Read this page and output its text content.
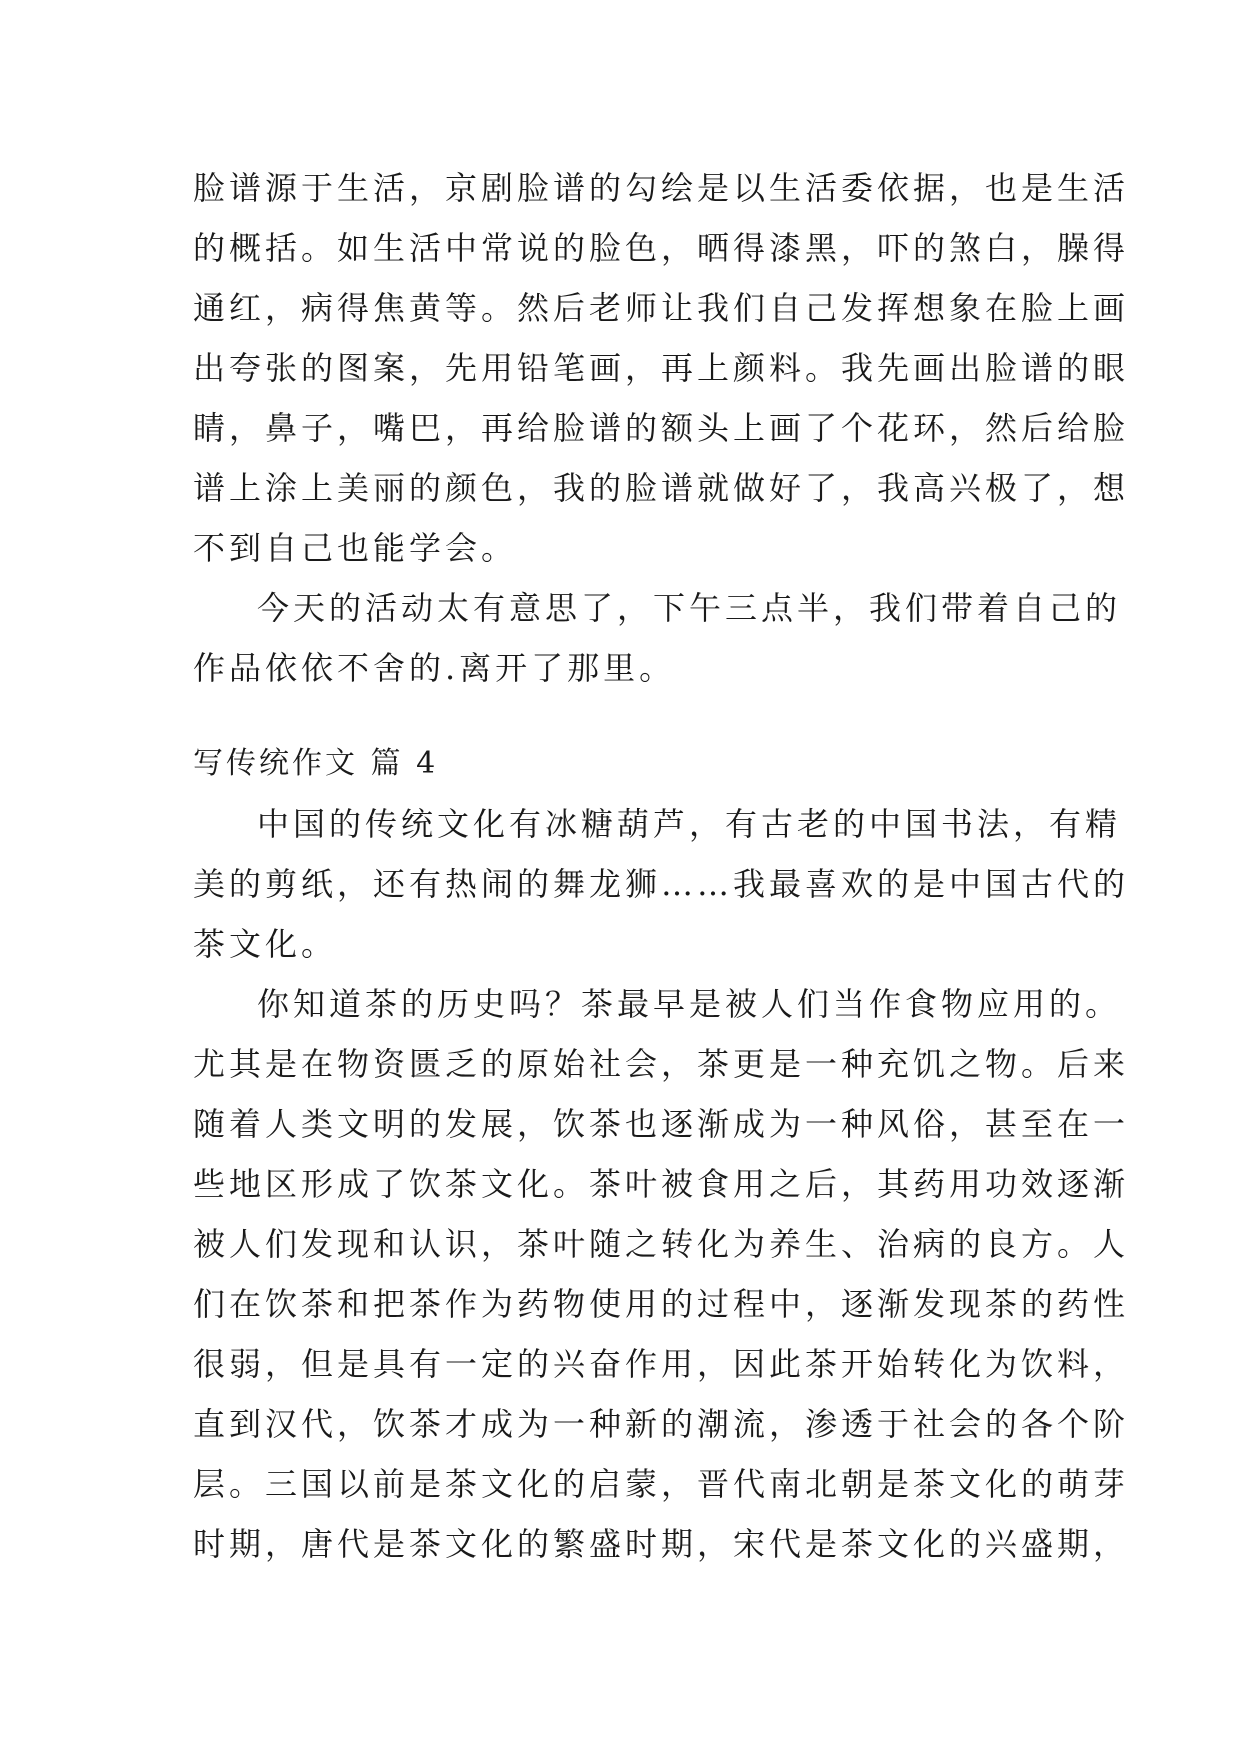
脸谱源于生活，京剧脸谱的勾绘是以生活委依据，也是生活
的概括。如生活中常说的脸色，晒得漆黑，吓的煞白，臊得
通红，病得焦黄等。然后老师让我们自己发挥想象在脸上画
出夸张的图案，先用铅笔画，再上颜料。我先画出脸谱的眼
睛，鼻子，嘴巴，再给脸谱的额头上画了个花环，然后给脸
谱上涂上美丽的颜色，我的脸谱就做好了，我高兴极了，想
不到自己也能学会。
今天的活动太有意思了，下午三点半，我们带着自己的
作品依依不舍的.离开了那里。
写传统作文 篇 4
中国的传统文化有冰糖葫芦，有古老的中国书法，有精
美的剪纸，还有热闹的舞龙狮……我最喜欢的是中国古代的
茶文化。
你知道茶的历史吗？茶最早是被人们当作食物应用的。
尤其是在物资匮乏的原始社会，茶更是一种充饥之物。后来
随着人类文明的发展，饮茶也逐渐成为一种风俗，甚至在一
些地区形成了饮茶文化。茶叶被食用之后，其药用功效逐渐
被人们发现和认识，茶叶随之转化为养生、治病的良方。人
们在饮茶和把茶作为药物使用的过程中，逐渐发现茶的药性
很弱，但是具有一定的兴奋作用，因此茶开始转化为饮料，
直到汉代，饮茶才成为一种新的潮流，渗透于社会的各个阶
层。三国以前是茶文化的启蒙，晋代南北朝是茶文化的萌芽
时期，唐代是茶文化的繁盛时期，宋代是茶文化的兴盛期，
